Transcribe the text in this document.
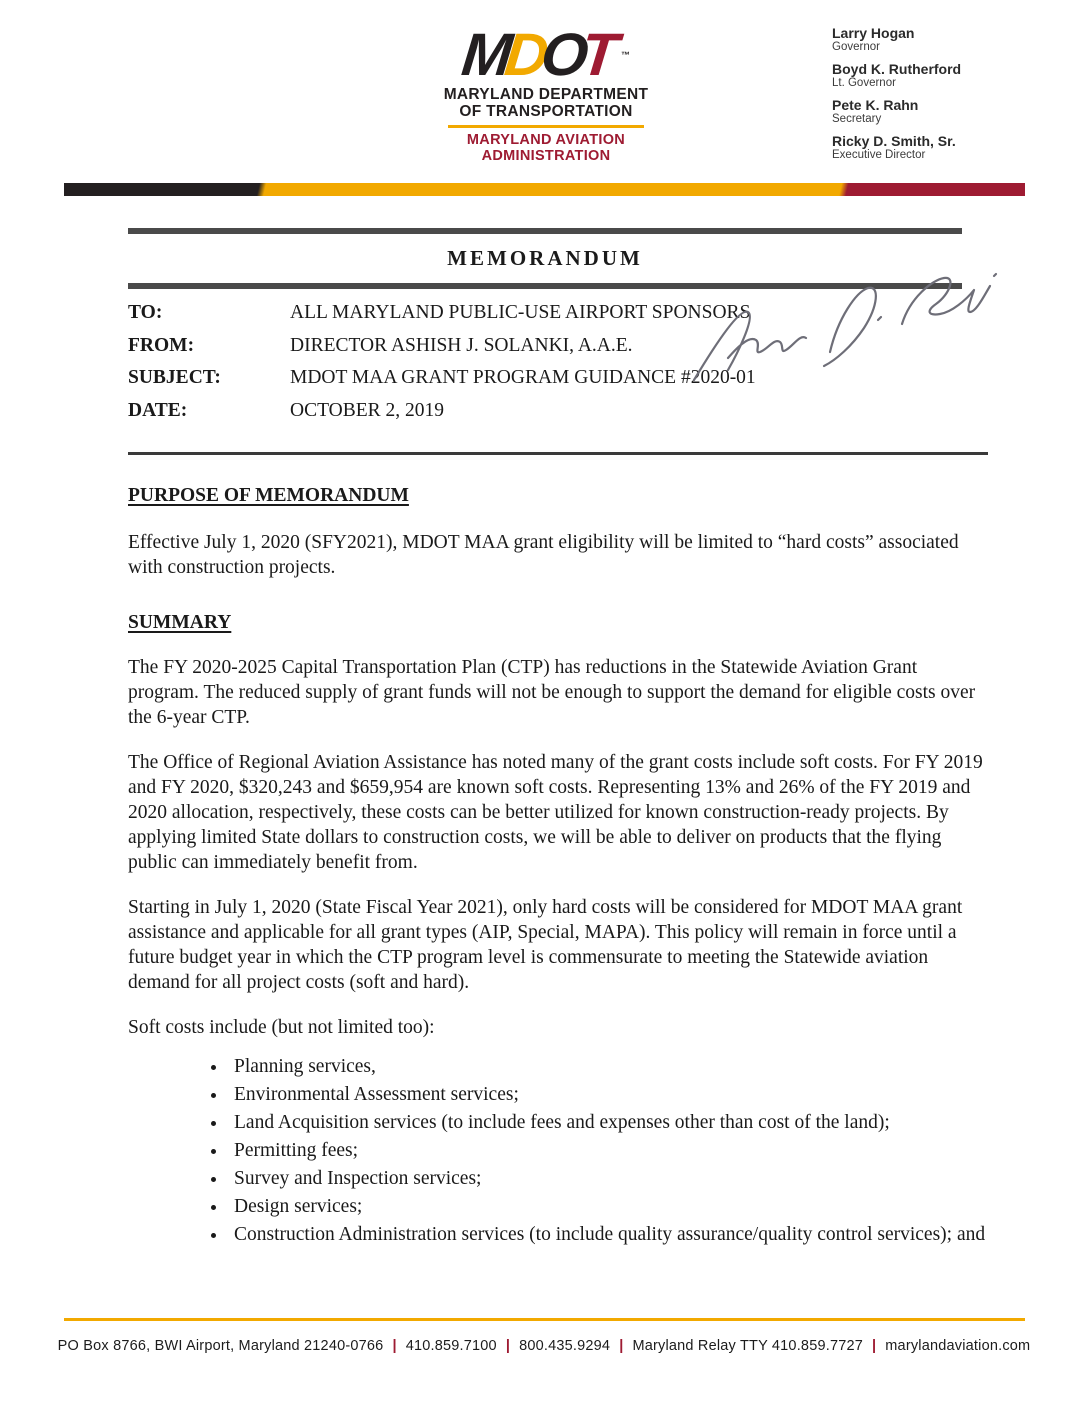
M
D
O
T ™
MARYLAND DEPARTMENT
OF TRANSPORTATION
MARYLAND AVIATION
ADMINISTRATION
Larry Hogan
Governor
Boyd K. Rutherford
Lt. Governor
Pete K. Rahn
Secretary
Ricky D. Smith, Sr.
Executive Director
MEMORANDUM
TO:	ALL MARYLAND PUBLIC-USE AIRPORT SPONSORS
FROM:	DIRECTOR ASHISH J. SOLANKI, A.A.E.
SUBJECT:	MDOT MAA GRANT PROGRAM GUIDANCE #2020-01
DATE:	OCTOBER 2, 2019
PURPOSE OF MEMORANDUM

Effective July 1, 2020 (SFY2021), MDOT MAA grant eligibility will be limited to “hard costs” associated with construction projects.

SUMMARY

The FY 2020-2025 Capital Transportation Plan (CTP) has reductions in the Statewide Aviation Grant program. The reduced supply of grant funds will not be enough to support the demand for eligible costs over the 6-year CTP.

The Office of Regional Aviation Assistance has noted many of the grant costs include soft costs. For FY 2019 and FY 2020, $320,243 and $659,954 are known soft costs. Representing 13% and 26% of the FY 2019 and 2020 allocation, respectively, these costs can be better utilized for known construction-ready projects. By applying limited State dollars to construction costs, we will be able to deliver on products that the flying public can immediately benefit from.

Starting in July 1, 2020 (State Fiscal Year 2021), only hard costs will be considered for MDOT MAA grant assistance and applicable for all grant types (AIP, Special, MAPA). This policy will remain in force until a future budget year in which the CTP program level is commensurate to meeting the Statewide aviation demand for all project costs (soft and hard).

Soft costs include (but not limited too):

• Planning services,
• Environmental Assessment services;
• Land Acquisition services (to include fees and expenses other than cost of the land);
• Permitting fees;
• Survey and Inspection services;
• Design services;
• Construction Administration services (to include quality assurance/quality control services); and
PO Box 8766, BWI Airport, Maryland 21240-0766 | 410.859.7100 | 800.435.9294 | Maryland Relay TTY 410.859.7727 | marylandaviation.com
